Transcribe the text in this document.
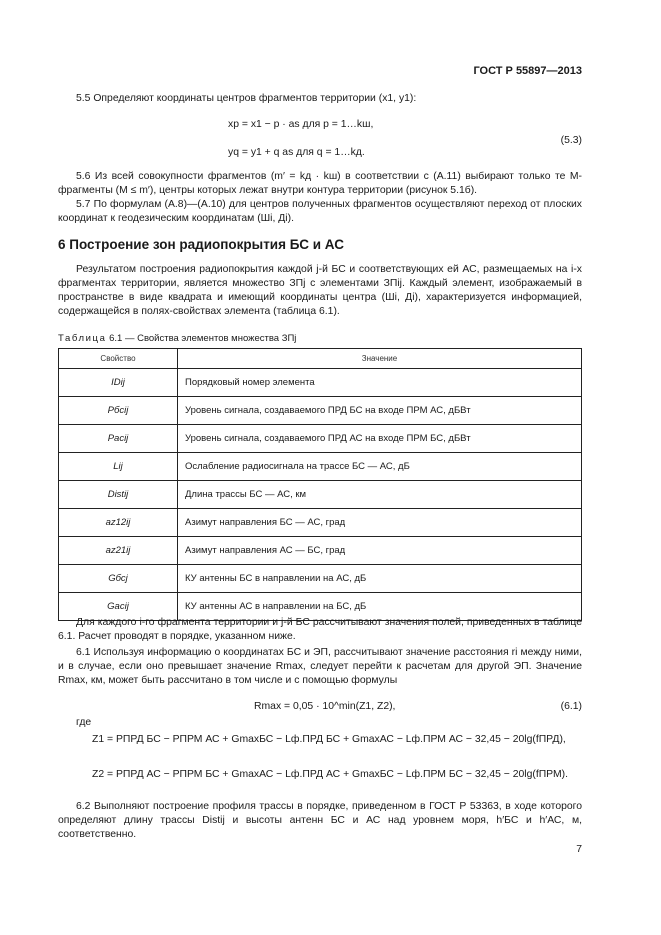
ГОСТ Р 55897—2013
5.5 Определяют координаты центров фрагментов территории (x1, y1):
xp = x1 − p · as для p = 1…kш,
(5.3)
yq = y1 + q as для q = 1…kд.
5.6 Из всей совокупности фрагментов (m′ = kд · kш) в соответствии с (А.11) выбирают только те M-фрагменты (M ≤ m′), центры которых лежат внутри контура территории (рисунок 5.1б).
5.7 По формулам (А.8)—(А.10) для центров полученных фрагментов осуществляют переход от плоских координат к геодезическим координатам (Шi, Дi).
6 Построение зон радиопокрытия БС и АС
Результатом построения радиопокрытия каждой j-й БС и соответствующих ей АС, размещаемых на i-х фрагментах территории, является множество ЗПj с элементами ЗПij. Каждый элемент, изображаемый в пространстве в виде квадрата и имеющий координаты центра (Шi, Дi), характеризуется информацией, содержащейся в полях-свойствах элемента (таблица 6.1).
Таблица 6.1 — Свойства элементов множества ЗПj
Свойство	Значение
IDij	Порядковый номер элемента
Рбсij	Уровень сигнала, создаваемого ПРД БС на входе ПРМ АС, дБВт
Рacij	Уровень сигнала, создаваемого ПРД АС на входе ПРМ БС, дБВт
Lij	Ослабление радиосигнала на трассе БС — АС, дБ
Distij	Длина трассы БС — АС, км
az12ij	Азимут направления БС — АС, град
az21ij	Азимут направления АС — БС, град
Gбсj	КУ антенны БС в направлении на АС, дБ
Gacij	КУ антенны АС в направлении на БС, дБ
Для каждого i-го фрагмента территории и j-й БС рассчитывают значения полей, приведенных в таблице 6.1. Расчет проводят в порядке, указанном ниже.
6.1 Используя информацию о координатах БС и ЭП, рассчитывают значение расстояния ri между ними, и в случае, если оно превышает значение Rmax, следует перейти к расчетам для другой ЭП. Значение Rmax, км, может быть рассчитано в том числе и с помощью формулы
Rmax = 0,05 · 10^min(Z1, Z2),	(6.1)
где
Z1 = PПРД БС − PПРМ АС + GmaxБС − Lф.ПРД БС + GmaxАС − Lф.ПРМ АС − 32,45 − 20lg(fПРД),
Z2 = PПРД АС − PПРМ БС + GmaxАС − Lф.ПРД АС + GmaxБС − Lф.ПРМ БС − 32,45 − 20lg(fПРМ).
6.2 Выполняют построение профиля трассы в порядке, приведенном в ГОСТ Р 53363, в ходе которого определяют длину трассы Distij и высоты антенн БС и АС над уровнем моря, h′БС и h′АС, м, соответственно.
7
